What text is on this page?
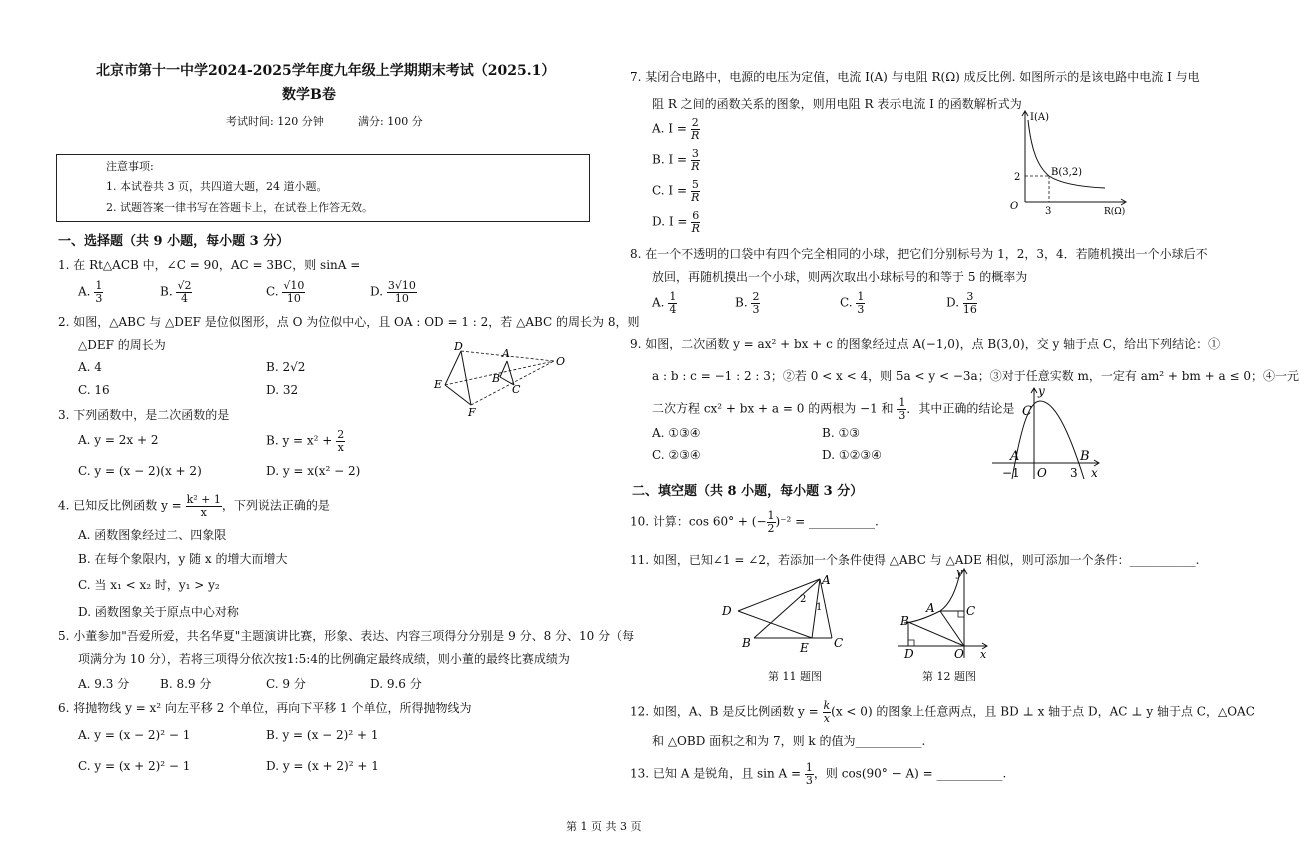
北京市第十一中学2024-2025学年度九年级上学期期末考试（2025.1）
数学B卷
考试时间: 120 分钟	满分: 100 分
注意事项:
1. 本试卷共 3 页，共四道大题，24 道小题。
2. 试题答案一律书写在答题卡上，在试卷上作答无效。
一、选择题（共 9 小题，每小题 3 分）
1. 在 Rt△ACB 中，∠C = 90，AC = 3BC，则 sinA =
A. $\frac{1}{3}$	B. $\frac{√2}{4}$	C. $\frac{√10}{10}$	D. $\frac{3√10}{10}$
2. 如图，△ABC 与 △DEF 是位似图形，点 O 为位似中心，且 OA : OD = 1 : 2，若 △ABC 的周长为 8，则
△DEF 的周长为
A. 4	B. 2√2
C. 16	D. 32
D
A
O
B
C
E
F
3. 下列函数中，是二次函数的是
A. y = 2x + 2	B. $y = x^2 + \frac{2}{x}$
C. y = (x − 2)(x + 2)	D. y = x(x² − 2)
4. 已知反比例函数 $y = \frac{\text{k² + 1}}{x}$ ，下列说法正确的是
A. 函数图象经过二、四象限
B. 在每个象限内，y 随 x 的增大而增大
C. 当 x₁ < x₂ 时，y₁ > y₂
D. 函数图象关于原点中心对称
5. 小董参加"吾爱所爱，共名华夏"主题演讲比赛，形象、表达、内容三项得分分别是 9 分、8 分、10 分（每
项满分为 10 分），若将三项得分依次按1:5:4的比例确定最终成绩，则小董的最终比赛成绩为
A. 9.3 分	B. 8.9 分	C. 9 分	D. 9.6 分
6. 将抛物线 y = x² 向左平移 2 个单位，再向下平移 1 个单位，所得抛物线为
A. y = (x − 2)² − 1	B. y = (x − 2)² + 1
C. y = (x + 2)² − 1	D. y = (x + 2)² + 1
7. 某闭合电路中，电源的电压为定值，电流 I(A) 与电阻 R(Ω) 成反比例. 如图所示的是该电路中电流 I 与电
阻 R 之间的函数关系的图象，则用电阻 R 表示电流 I 的函数解析式为
A. $I = \frac{2}{R}$
B. $I = \frac{3}{R}$
C. $I = \frac{5}{R}$
D. $I = \frac{6}{R}$
I(A)
B(3,2)
2
3
O	R(Ω)
8. 在一个不透明的口袋中有四个完全相同的小球，把它们分别标号为 1，2，3，4．若随机摸出一个小球后不
放回，再随机摸出一个小球，则两次取出小球标号的和等于 5 的概率为
A. $\frac{1}{4}$	B. $\frac{2}{3}$	C. $\frac{1}{3}$	D. $\frac{3}{16}$
9. 如图，二次函数 y = ax² + bx + c 的图象经过点 A(−1,0)，点 B(3,0)，交 y 轴于点 C，给出下列结论：①
a : b : c = −1 : 2 : 3；②若 0 < x < 4，则 5a < y < −3a；③对于任意实数 m，一定有 am² + bm + a ≤ 0；④一元
二次方程 cx² + bx + a = 0 的两根为 −1 和 $\frac{1}{3}$ ．其中正确的结论是
A. ①③④	B. ①③
C. ②③④	D. ①②③④
y
C
A	B
−1 O 3 x
二、填空题（共 8 小题，每小题 3 分）
10. 计算：cos 60° + (− $\frac{1}{2} )^{-2}$ = ___________.
11. 如图，已知∠1 = ∠2，若添加一个条件使得 △ABC 与 △ADE 相似，则可添加一个条件：___________.
A
D
B	E C
1
2
第 11 题图
y
A	C
B
D	O x
第 12 题图
12. 如图，A、B 是反比例函数 $y = \frac{k}{x} (x < 0)$ 的图象上任意两点，且 BD ⊥ x 轴于点 D，AC ⊥ y 轴于点 C，△OAC
和 △OBD 面积之和为 7，则 k 的值为___________.
13. 已知 A 是锐角，且 $\sin A = \frac{1}{3}$ ，则 cos(90° − A) = ___________.
第 1 页 共 3 页
